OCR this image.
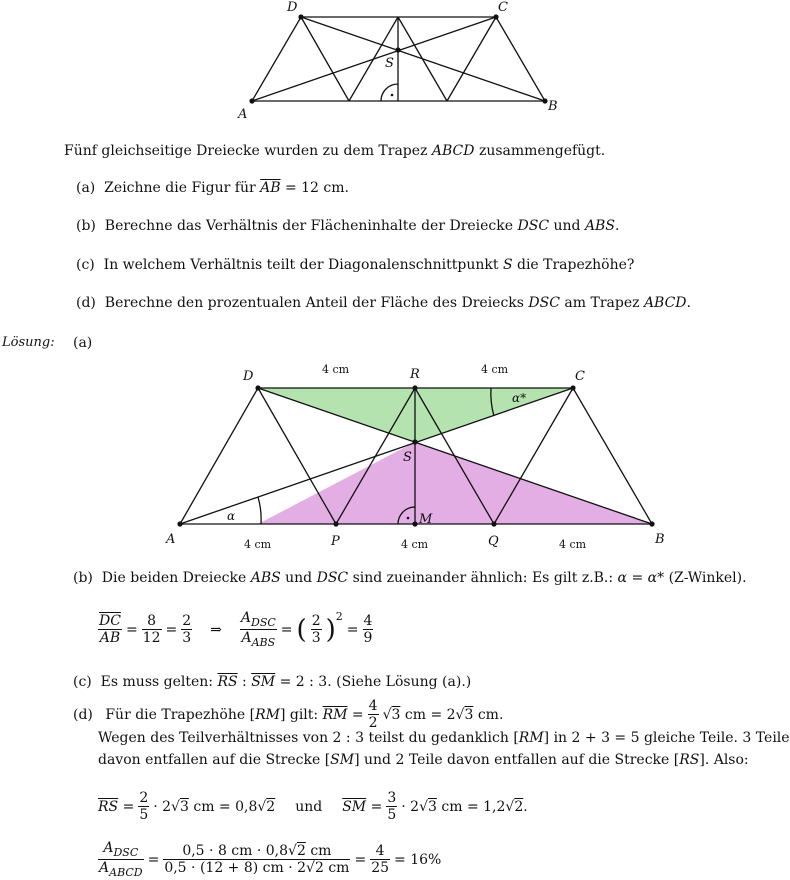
D	C
A
B
S
Fünf gleichseitige Dreiecke wurden zu dem Trapez ABCD zusammengefügt.
(a)  Zeichne die Figur für $\overline{AB} = 12$ cm.
(b)  Berechne das Verhältnis der Flächeninhalte der Dreiecke DSC und ABS.
(c)  In welchem Verhältnis teilt der Diagonalenschnittpunkt S die Trapezhöhe?
(d)  Berechne den prozentualen Anteil der Fläche des Dreiecks DSC am Trapez ABCD.
Lösung: (a)
D	R	C
S
A	P
M
Q	B
α
α*
4 cm	4 cm
4 cm	4 cm	4 cm
(b)  Die beiden Dreiecke ABS und DSC sind zueinander ähnlich: Es gilt z.B.: α = α* (Z-Winkel).
$\frac{\overline{DC}}{AB} = \frac{8}{12} = \frac{2}{3}$ ⇒ $\frac{A_{DSC}}{A_{ABS}}$ = ( $\frac{2}{3} )^2$
= $\frac{4}{9}$
(c)  Es muss gelten: $\overline{RS}$ : $\overline{SM} = 2$ : 3. (Siehe Lösung (a).)
(d)
Für die Trapezhöhe [RM] gilt: $\overline{RM} = \frac{4}{2} √3$ cm = 2√3 cm.
Wegen des Teilverhältnisses von 2 : 3 teilst du gedanklich [RM] in 2 + 3 = 5 gleiche Teile. 3 Teile
davon entfallen auf die Strecke [SM] und 2 Teile davon entfallen auf die Strecke [RS]. Also:
$\overline{RS} = \frac{2}{5} \cdot 2√3$ cm = 0,8√2 und $\overline{SM} = \frac{3}{5} \cdot 2√3$ cm = 1,2√2.
$\frac{A_{DSC}}{A_{ABCD}} = \frac{0,5 \cdot 8 cm \cdot 0,8√2 cm}{0,5 \cdot (12 + 8) cm \cdot 2√2 cm} = \frac{4}{25} = 16\%$
